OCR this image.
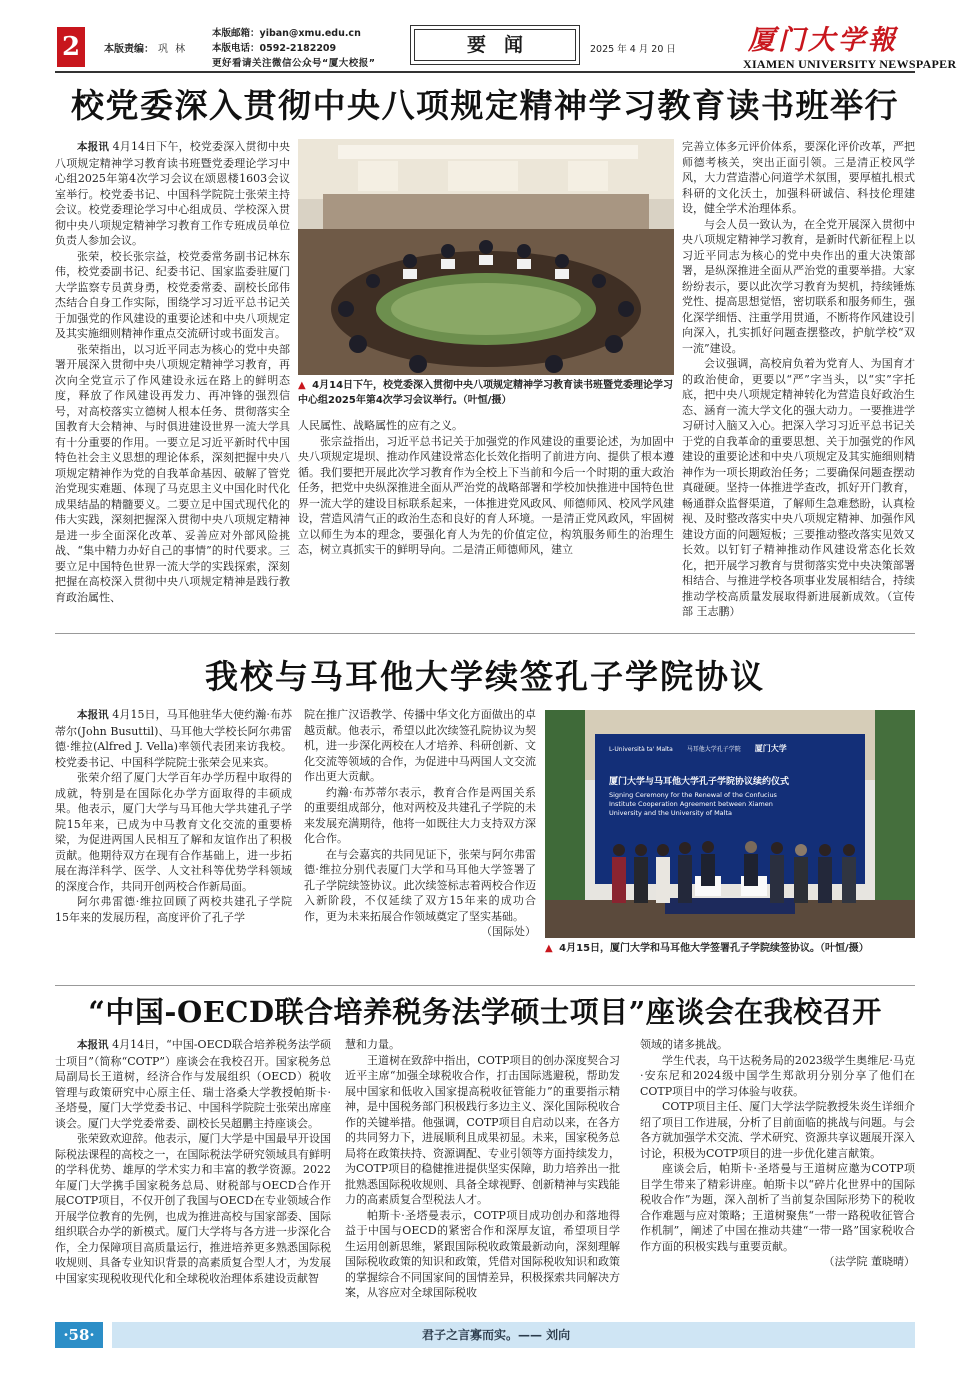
2	本版责编： 巩 林
本版邮箱：yiban@xmu.edu.cn
本版电话：0592-2182209
更好看请关注微信公众号“厦大校报”
要闻	2025 年 4 月 20 日	厦门大学報
XIAMEN UNIVERSITY NEWSPAPER
校党委深入贯彻中央八项规定精神学习教育读书班举行
本报讯 4月14日下午，校党委深入贯彻中央八项规定精神学习教育读书班暨党委理论学习中心组2025年第4次学习会议在颂恩楼1603会议室举行。校党委书记、中国科学院院士张荣主持会议。校党委理论学习中心组成员、学校深入贯彻中央八项规定精神学习教育工作专班成员单位负责人参加会议。
张荣，校长张宗益，校党委常务副书记林东伟，校党委副书记、纪委书记、国家监委驻厦门大学监察专员黄身勇，校党委常委、副校长邱伟杰结合自身工作实际，围绕学习习近平总书记关于加强党的作风建设的重要论述和中央八项规定及其实施细则精神作重点交流研讨或书面发言。
张荣指出，以习近平同志为核心的党中央部署开展深入贯彻中央八项规定精神学习教育，再次向全党宣示了作风建设永远在路上的鲜明态度，释放了作风建设再发力、再冲锋的强烈信号，对高校落实立德树人根本任务、贯彻落实全国教育大会精神、与时俱进建设世界一流大学具有十分重要的作用。一要立足习近平新时代中国特色社会主义思想的理论体系，深刻把握中央八项规定精神作为党的自我革命基因、破解了管党治党现实难题、体现了马克思主义中国化时代化成果结晶的精髓要义。二要立足中国式现代化的伟大实践，深刻把握深入贯彻中央八项规定精神是进一步全面深化改革、妥善应对外部风险挑战、“集中精力办好自己的事情”的时代要求。三要立足中国特色世界一流大学的实践探索，深刻把握在高校深入贯彻中央八项规定精神是践行教育政治属性、
▲ 4月14日下午，校党委深入贯彻中央八项规定精神学习教育读书班暨党委理论学习中心组2025年第4次学习会议举行。（叶恒/摄）
人民属性、战略属性的应有之义。
张宗益指出，习近平总书记关于加强党的作风建设的重要论述，为加固中央八项规定堤坝、推动作风建设常态化长效化指明了前进方向、提供了根本遵循。我们要把开展此次学习教育作为全校上下当前和今后一个时期的重大政治任务，把党中央纵深推进全面从严治党的战略部署和学校加快推进中国特色世界一流大学的建设目标联系起来，一体推进党风政风、师德师风、校风学风建设，营造风清气正的政治生态和良好的育人环境。一是清正党风政风，牢固树立以师生为本的理念，要强化育人为先的价值定位，构筑服务师生的治理生态，树立真抓实干的鲜明导向。二是清正师德师风，建立
完善立体多元评价体系，要深化评价改革，严把师德考核关，突出正面引领。三是清正校风学风，大力营造潜心问道学术氛围，要厚植扎根式科研的文化沃土，加强科研诚信、科技伦理建设，健全学术治理体系。
与会人员一致认为，在全党开展深入贯彻中央八项规定精神学习教育，是新时代新征程上以习近平同志为核心的党中央作出的重大决策部署，是纵深推进全面从严治党的重要举措。大家纷纷表示，要以此次学习教育为契机，持续锤炼党性、提高思想觉悟，密切联系和服务师生，强化深学细悟、注重学用贯通，不断将作风建设引向深入，扎实抓好问题查摆整改，护航学校“双一流”建设。
会议强调，高校肩负着为党育人、为国育才的政治使命，更要以“严”字当头，以“实”字托底，把中央八项规定精神转化为营造良好政治生态、涵育一流大学文化的强大动力。一要推进学习研讨入脑又入心。把深入学习习近平总书记关于党的自我革命的重要思想、关于加强党的作风建设的重要论述和中央八项规定及其实施细则精神作为一项长期政治任务；二要确保问题查摆动真碰硬。坚持一体推进学查改，抓好开门教育，畅通群众监督渠道，了解师生急难愁盼，认真检视、及时整改落实中央八项规定精神、加强作风建设方面的问题短板；三要推动整改落实见效又长效。以钉钉子精神推动作风建设常态化长效化，把开展学习教育与贯彻落实党中央决策部署相结合、与推进学校各项事业发展相结合，持续推动学校高质量发展取得新进展新成效。（宣传部 王志鹏）
我校与马耳他大学续签孔子学院协议
本报讯 4月15日，马耳他驻华大使约瀚·布苏蒂尔(John Busuttil)、马耳他大学校长阿尔弗雷德·维拉(Alfred J. Vella)率领代表团来访我校。校党委书记、中国科学院院士张荣会见来宾。
张荣介绍了厦门大学百年办学历程中取得的成就，特别是在国际化办学方面取得的丰硕成果。他表示，厦门大学与马耳他大学共建孔子学院15年来，已成为中马教育文化交流的重要桥梁，为促进两国人民相互了解和友谊作出了积极贡献。他期待双方在现有合作基础上，进一步拓展在海洋科学、医学、人文社科等优势学科领域的深度合作，共同开创两校合作新局面。
阿尔弗雷德·维拉回顾了两校共建孔子学院15年来的发展历程，高度评价了孔子学
院在推广汉语教学、传播中华文化方面做出的卓越贡献。他表示，希望以此次续签孔院协议为契机，进一步深化两校在人才培养、科研创新、文化交流等领域的合作，为促进中马两国人文交流作出更大贡献。
约瀚·布苏蒂尔表示，教育合作是两国关系的重要组成部分，他对两校及共建孔子学院的未来发展充满期待，他将一如既往大力支持双方深化合作。
在与会嘉宾的共同见证下，张荣与阿尔弗雷德·维拉分别代表厦门大学和马耳他大学签署了孔子学院续签协议。此次续签标志着两校合作迈入新阶段，不仅延续了双方15年来的成功合作，更为未来拓展合作领域奠定了坚实基础。
（国际处）
L-Università ta' Malta 马耳他大学孔子学院 厦门大学
厦门大学与马耳他大学孔子学院协议续约仪式
Signing Ceremony for the Renewal of the Confucius Institute Cooperation Agreement between Xiamen University and the University of Malta
▲ 4月15日，厦门大学和马耳他大学签署孔子学院续签协议。（叶恒/摄）
“中国-OECD联合培养税务法学硕士项目”座谈会在我校召开
本报讯 4月14日，“中国-OECD联合培养税务法学硕士项目”（简称“COTP”）座谈会在我校召开。国家税务总局副局长王道树，经济合作与发展组织（OECD）税收管理与政策研究中心原主任、瑞士洛桑大学教授帕斯卡·圣塔曼，厦门大学党委书记、中国科学院院士张荣出席座谈会。厦门大学党委常委、副校长吴超鹏主持座谈会。
张荣致欢迎辞。他表示，厦门大学是中国最早开设国际税法课程的高校之一，在国际税法学研究领域具有鲜明的学科优势、雄厚的学术实力和丰富的教学资源。2022年厦门大学携手国家税务总局、财税部与OECD合作开展COTP项目，不仅开创了我国与OECD在专业领域合作开展学位教育的先例，也成为推进高校与国家部委、国际组织联合办学的新模式。厦门大学将与各方进一步深化合作，全力保障项目高质量运行，推进培养更多熟悉国际税收规则、具备专业知识背景的高素质复合型人才，为发展中国家实现税收现代化和全球税收治理体系建设贡献智
慧和力量。
王道树在致辞中指出，COTP项目的创办深度契合习近平主席“加强全球税收合作，打击国际逃避税，帮助发展中国家和低收入国家提高税收征管能力”的重要指示精神，是中国税务部门积极践行多边主义、深化国际税收合作的关键举措。他强调，COTP项目自启动以来，在各方的共同努力下，进展顺利且成果初显。未来，国家税务总局将在政策扶持、资源调配、专业引领等方面持续发力，为COTP项目的稳健推进提供坚实保障，助力培养出一批批熟悉国际税收规则、具备全球视野、创新精神与实践能力的高素质复合型税法人才。
帕斯卡·圣塔曼表示，COTP项目成功创办和落地得益于中国与OECD的紧密合作和深厚友谊，希望项目学生运用创新思维，紧跟国际税收政策最新动向，深刻理解国际税收政策的知识和政策，凭借对国际税收知识和政策的掌握综合不同国家间的国情差异，积极探索共同解决方案，从容应对全球国际税收
领域的诸多挑战。
学生代表，乌干达税务局的2023级学生奥维尼·马克·安东尼和2024级中国学生郑歆玥分别分享了他们在COTP项目中的学习体验与收获。
COTP项目主任、厦门大学法学院教授朱炎生详细介绍了项目工作进展，分析了目前面临的挑战与问题。与会各方就加强学术交流、学术研究、资源共享议题展开深入讨论，积极为COTP项目的进一步优化建言献策。
座谈会后，帕斯卡·圣塔曼与王道树应邀为COTP项目学生带来了精彩讲座。帕斯卡以“碎片化世界中的国际税收合作”为题，深入剖析了当前复杂国际形势下的税收合作难题与应对策略；王道树聚焦“一带一路税收征管合作机制”，阐述了中国在推动共建“一带一路”国家税收合作方面的积极实践与重要贡献。
（法学院 董晓晴）
·58·	君子之言寡而实。—— 刘向
